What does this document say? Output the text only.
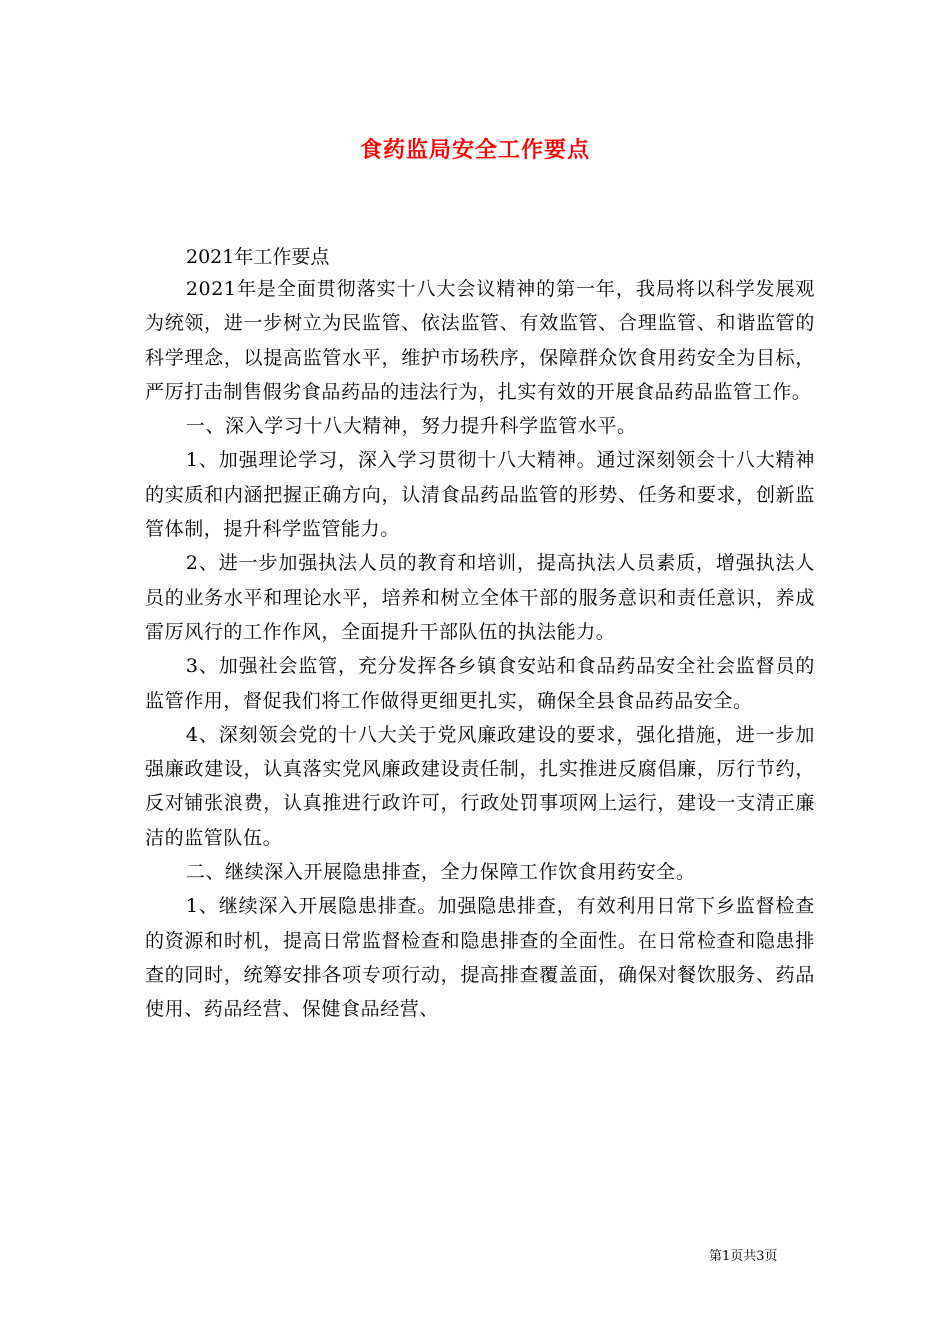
食药监局安全工作要点

2021年工作要点

2021年是全面贯彻落实十八大会议精神的第一年，我局将以科学发展观为统领，进一步树立为民监管、依法监管、有效监管、合理监管、和谐监管的科学理念，以提高监管水平，维护市场秩序，保障群众饮食用药安全为目标，严厉打击制售假劣食品药品的违法行为，扎实有效的开展食品药品监管工作。

一、深入学习十八大精神，努力提升科学监管水平。

1、加强理论学习，深入学习贯彻十八大精神。通过深刻领会十八大精神的实质和内涵把握正确方向，认清食品药品监管的形势、任务和要求，创新监管体制，提升科学监管能力。

2、进一步加强执法人员的教育和培训，提高执法人员素质，增强执法人员的业务水平和理论水平，培养和树立全体干部的服务意识和责任意识，养成雷厉风行的工作作风，全面提升干部队伍的执法能力。

3、加强社会监管，充分发挥各乡镇食安站和食品药品安全社会监督员的监管作用，督促我们将工作做得更细更扎实，确保全县食品药品安全。

4、深刻领会党的十八大关于党风廉政建设的要求，强化措施，进一步加强廉政建设，认真落实党风廉政建设责任制，扎实推进反腐倡廉，厉行节约，反对铺张浪费，认真推进行政许可，行政处罚事项网上运行，建设一支清正廉洁的监管队伍。

二、继续深入开展隐患排查，全力保障工作饮食用药安全。

1、继续深入开展隐患排查。加强隐患排查，有效利用日常下乡监督检查的资源和时机，提高日常监督检查和隐患排查的全面性。在日常检查和隐患排查的同时，统筹安排各项专项行动，提高排查覆盖面，确保对餐饮服务、药品使用、药品经营、保健食品经营、

第1页共3页
